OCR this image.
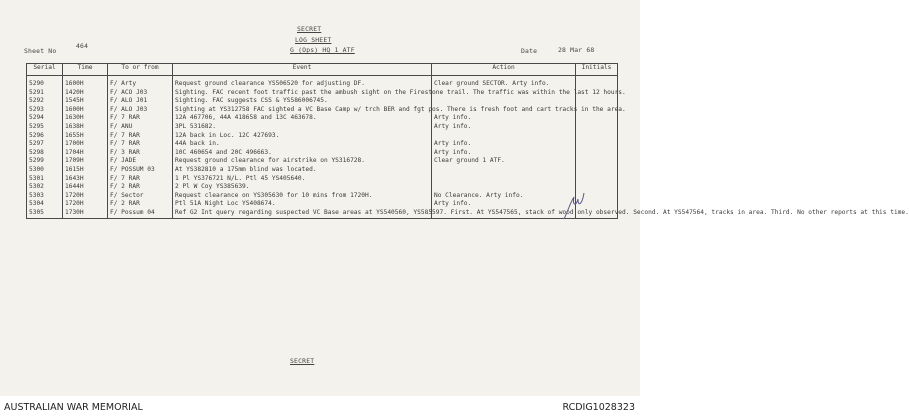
SECRET
LOG SHEET
G (Ops) HQ 1 ATF
Sheet No
464
Date	28 Mar 68
Serial	Time	To or from	Event	Action	Initials

5290	1600H	F/ Arty	Request ground clearance YS506520 for adjusting DF.	Clear ground SECTOR. Arty info.	
5291	1420H	F/ ACO J03	Sighting. FAC recent foot traffic past the ambush sight on the Firestone trail. The traffic was within the last 12 hours.		
5292	1545H	F/ ALO J01	Sighting. FAC suggests CSS & YS586006745.		
5293	1600H	F/ ALO J03	Sighting at YS312758 FAC sighted a VC Base Camp w/ trch BER and fgt pos. There is fresh foot and cart tracks in the area.		
5294	1630H	F/ 7 RAR	12A 467706, 44A 418658 and 13C 463678.	Arty info.	
5295	1638H	F/ ANU	3PL 531682.	Arty info.	
5296	1655H	F/ 7 RAR	12A back in Loc. 12C 427693.		
5297	1700H	F/ 7 RAR	44A back in.	Arty info.	
5298	1704H	F/ 3 RAR	10C 460654 and 20C 496663.	Arty info.	
5299	1709H	F/ JADE	Request ground clearance for airstrike on YS316728.	Clear ground 1 ATF.	
5300	1615H	F/ POSSUM 03	At YS382810 a 175mm blind was located.		
5301	1643H	F/ 7 RAR	1 Pl YS376721 N/L. Ptl 45 YS405640.		
5302	1644H	F/ 2 RAR	2 Pl W Coy YS385639.		
5303	1720H	F/ Sector	Request clearance on YS305630 for 10 mins from 1720H.	No Clearance. Arty info.	
5304	1720H	F/ 2 RAR	Ptl 51A Night Loc YS408674.	Arty info.	
5305	1730H	F/ Possum 04	Ref G2 Int query regarding suspected VC Base areas at YS540560, YS585597. First. At YS547565, stack of wood only observed. Second. At YS547564, tracks in area. Third. No other reports at this time.		
SECRET
AUSTRALIAN WAR MEMORIAL	RCDIG1028323
